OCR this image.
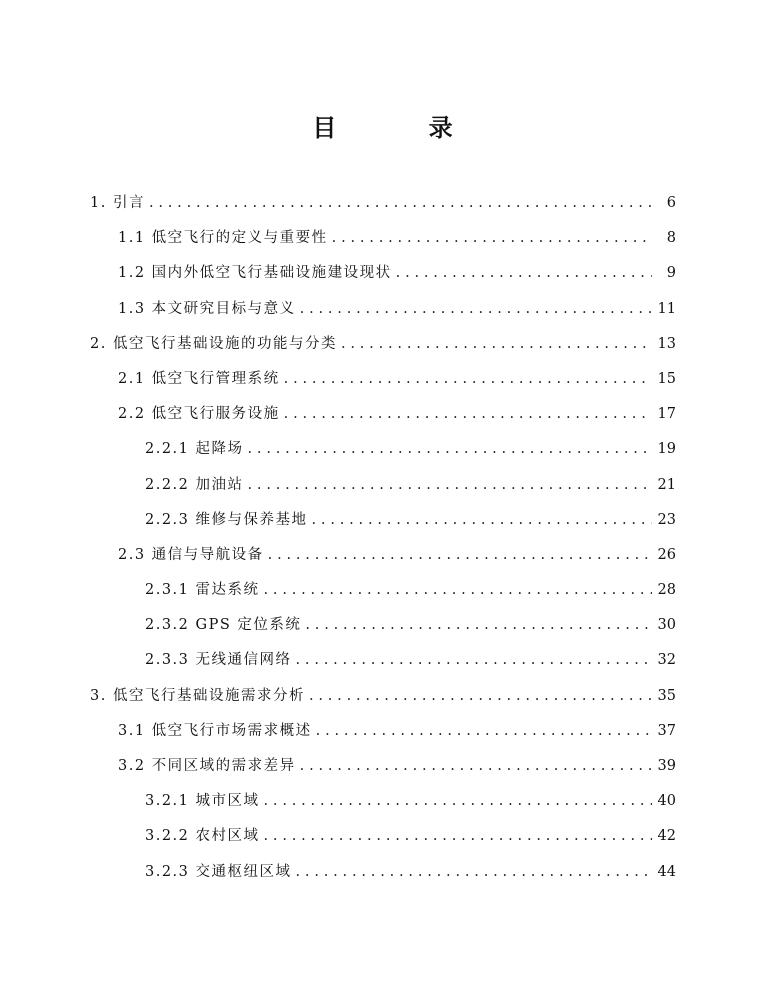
目 录
1. 引言 .....	6
1.1 低空飞行的定义与重要性 .....	8
1.2 国内外低空飞行基础设施建设现状 .....	9
1.3 本文研究目标与意义 .....	11
2. 低空飞行基础设施的功能与分类 .....	13
2.1 低空飞行管理系统 .....	15
2.2 低空飞行服务设施 .....	17
2.2.1 起降场 .....	19
2.2.2 加油站 .....	21
2.2.3 维修与保养基地 .....	23
2.3 通信与导航设备 .....	26
2.3.1 雷达系统 .....	28
2.3.2 GPS 定位系统 .....	30
2.3.3 无线通信网络 .....	32
3. 低空飞行基础设施需求分析 .....	35
3.1 低空飞行市场需求概述 .....	37
3.2 不同区域的需求差异 .....	39
3.2.1 城市区域 .....	40
3.2.2 农村区域 .....	42
3.2.3 交通枢纽区域 .....	44
